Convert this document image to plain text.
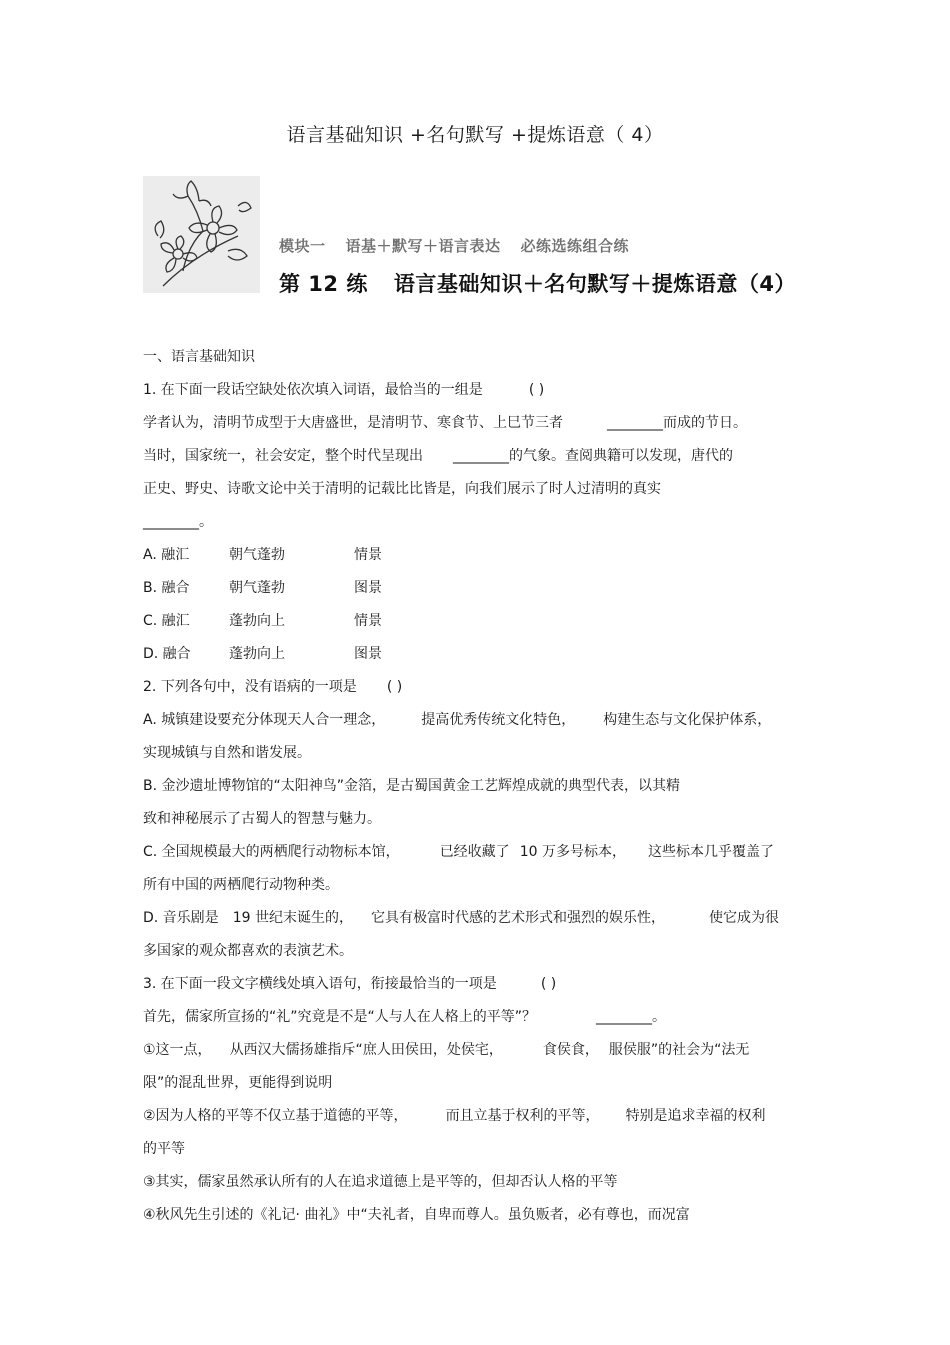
语言基础知识 +名句默写 +提炼语意（ 4）
模块一 语基＋默写＋语言表达 必练选练组合练
第 12 练 语言基础知识＋名句默写＋提炼语意（4）
一、语言基础知识
1. 在下面一段话空缺处依次填入词语，最恰当的一组是	( )
学者认为，清明节成型于大唐盛世，是清明节、寒食节、上巳节三者	________而成的节日。
当时，国家统一，社会安定，整个时代呈现出 ________的气象。查阅典籍可以发现，唐代的
正史、野史、诗歌文论中关于清明的记载比比皆是，向我们展示了时人过清明的真实
________。
A. 融汇	朝气蓬勃	情景
B. 融合	朝气蓬勃	图景
C. 融汇	蓬勃向上	情景
D. 融合	蓬勃向上	图景
2. 下列各句中，没有语病的一项是 ( )
A. 城镇建设要充分体现天人合一理念，	提高优秀传统文化特色， 构建生态与文化保护体系，
实现城镇与自然和谐发展。
B. 金沙遗址博物馆的“太阳神鸟”金箔，是古蜀国黄金工艺辉煌成就的典型代表，以其精
致和神秘展示了古蜀人的智慧与魅力。
C. 全国规模最大的两栖爬行动物标本馆，	已经收藏了 10 万多号标本， 这些标本几乎覆盖了
所有中国的两栖爬行动物种类。
D. 音乐剧是 19 世纪末诞生的， 它具有极富时代感的艺术形式和强烈的娱乐性，	使它成为很
多国家的观众都喜欢的表演艺术。
3. 在下面一段文字横线处填入语句，衔接最恰当的一项是	( )
首先，儒家所宣扬的“礼”究竟是不是“人与人在人格上的平等”？	________。
①这一点， 从西汉大儒扬雄指斥“庶人田侯田，处侯宅，	食侯食， 服侯服”的社会为“法无
限”的混乱世界，更能得到说明
②因为人格的平等不仅立基于道德的平等，	而且立基于权利的平等， 特别是追求幸福的权利
的平等
③其实，儒家虽然承认所有的人在追求道德上是平等的，但却否认人格的平等
④秋风先生引述的《礼记· 曲礼》中“夫礼者，自卑而尊人。虽负贩者，必有尊也，而况富
